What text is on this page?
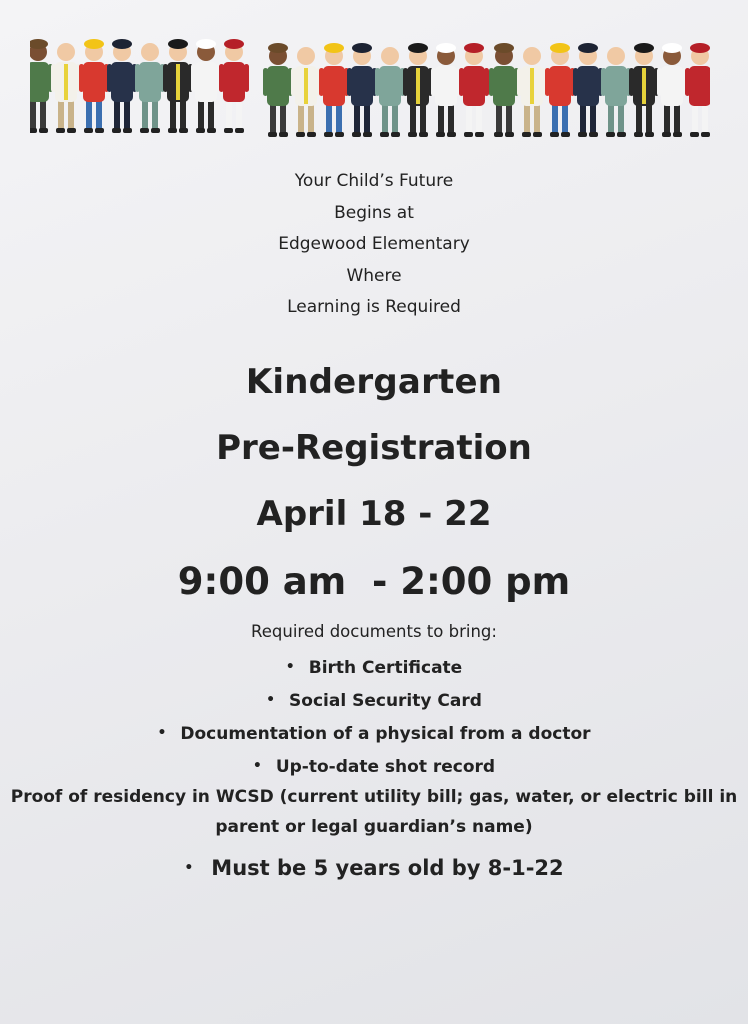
Your Child’s Future
Begins at
Edgewood Elementary
Where
Learning is Required
Kindergarten
Pre-Registration
April 18 - 22
9:00 am  - 2:00 pm
Required documents to bring:
• Birth Certificate
• Social Security Card
• Documentation of a physical from a doctor
• Up-to-date shot record
Proof of residency in WCSD (current utility bill; gas, water, or electric bill in
parent or legal guardian’s name)
• Must be 5 years old by 8-1-22
